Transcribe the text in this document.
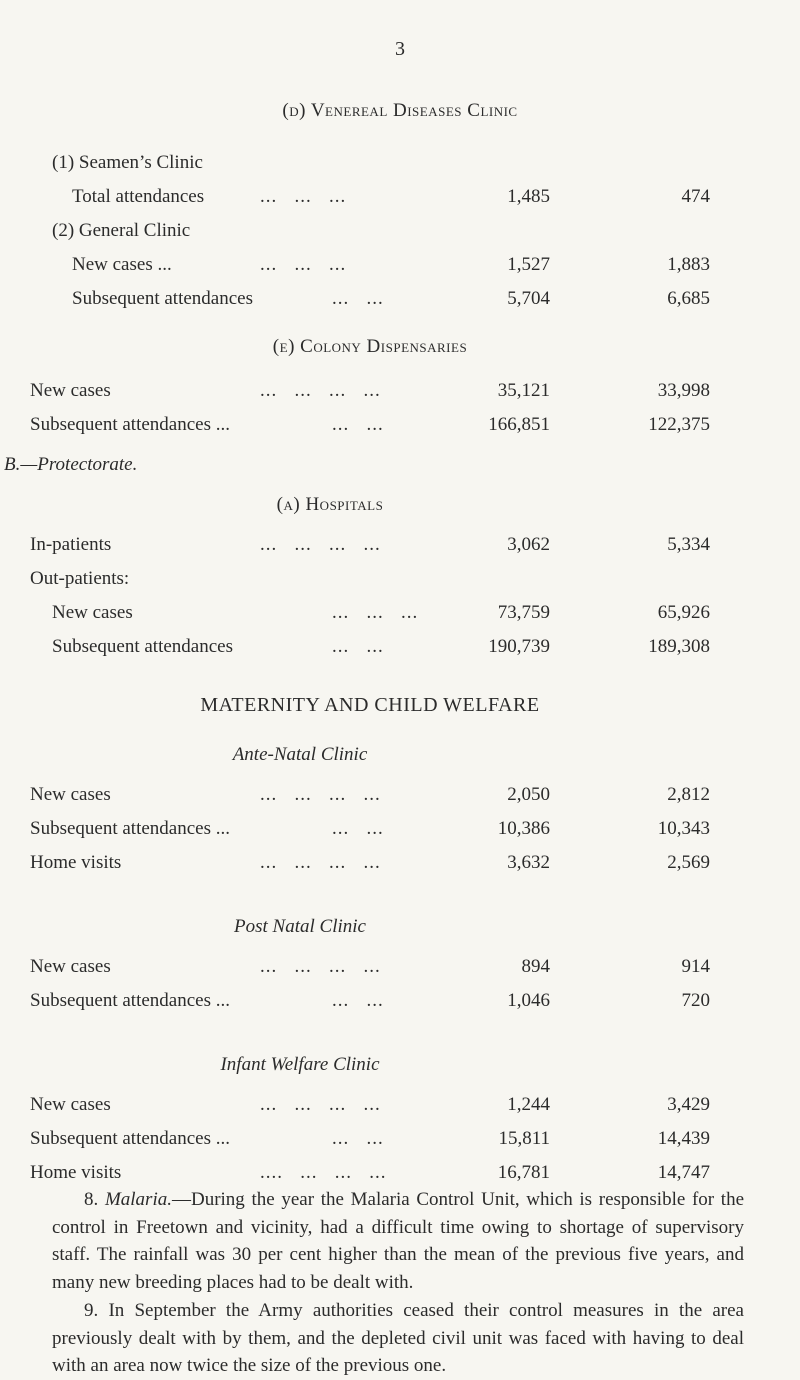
3
(d) Venereal Diseases Clinic
(1) Seamen’s Clinic
Total attendances	...   ...   ...	1,485	474
(2) General Clinic
New cases ...	...   ...   ...	1,527	1,883
Subsequent attendances	...   ...	5,704	6,685
(e) Colony Dispensaries
New cases	...   ...   ...   ...	35,121	33,998
Subsequent attendances ...	...   ...	166,851	122,375
B.—Protectorate.
(a) Hospitals
In-patients	...   ...   ...   ...	3,062	5,334
Out-patients:
New cases	...   ...   ...	73,759	65,926
Subsequent attendances	...   ...	190,739	189,308
MATERNITY AND CHILD WELFARE
Ante-Natal Clinic
New cases	...   ...   ...   ...	2,050	2,812
Subsequent attendances ...	...   ...	10,386	10,343
Home visits	...   ...   ...   ...	3,632	2,569
Post Natal Clinic
New cases	...   ...   ...   ...	894	914
Subsequent attendances ...	...   ...	1,046	720
Infant Welfare Clinic
New cases	...   ...   ...   ...	1,244	3,429
Subsequent attendances ...	...   ...	15,811	14,439
Home visits	....   ...   ...   ...	16,781	14,747
8. Malaria.—During the year the Malaria Control Unit, which is responsible for the control in Freetown and vicinity, had a difficult time owing to shortage of supervisory staff. The rainfall was 30 per cent higher than the mean of the previous five years, and many new breeding places had to be dealt with.
9. In September the Army authorities ceased their control measures in the area previously dealt with by them, and the depleted civil unit was faced with having to deal with an area now twice the size of the previous one.
